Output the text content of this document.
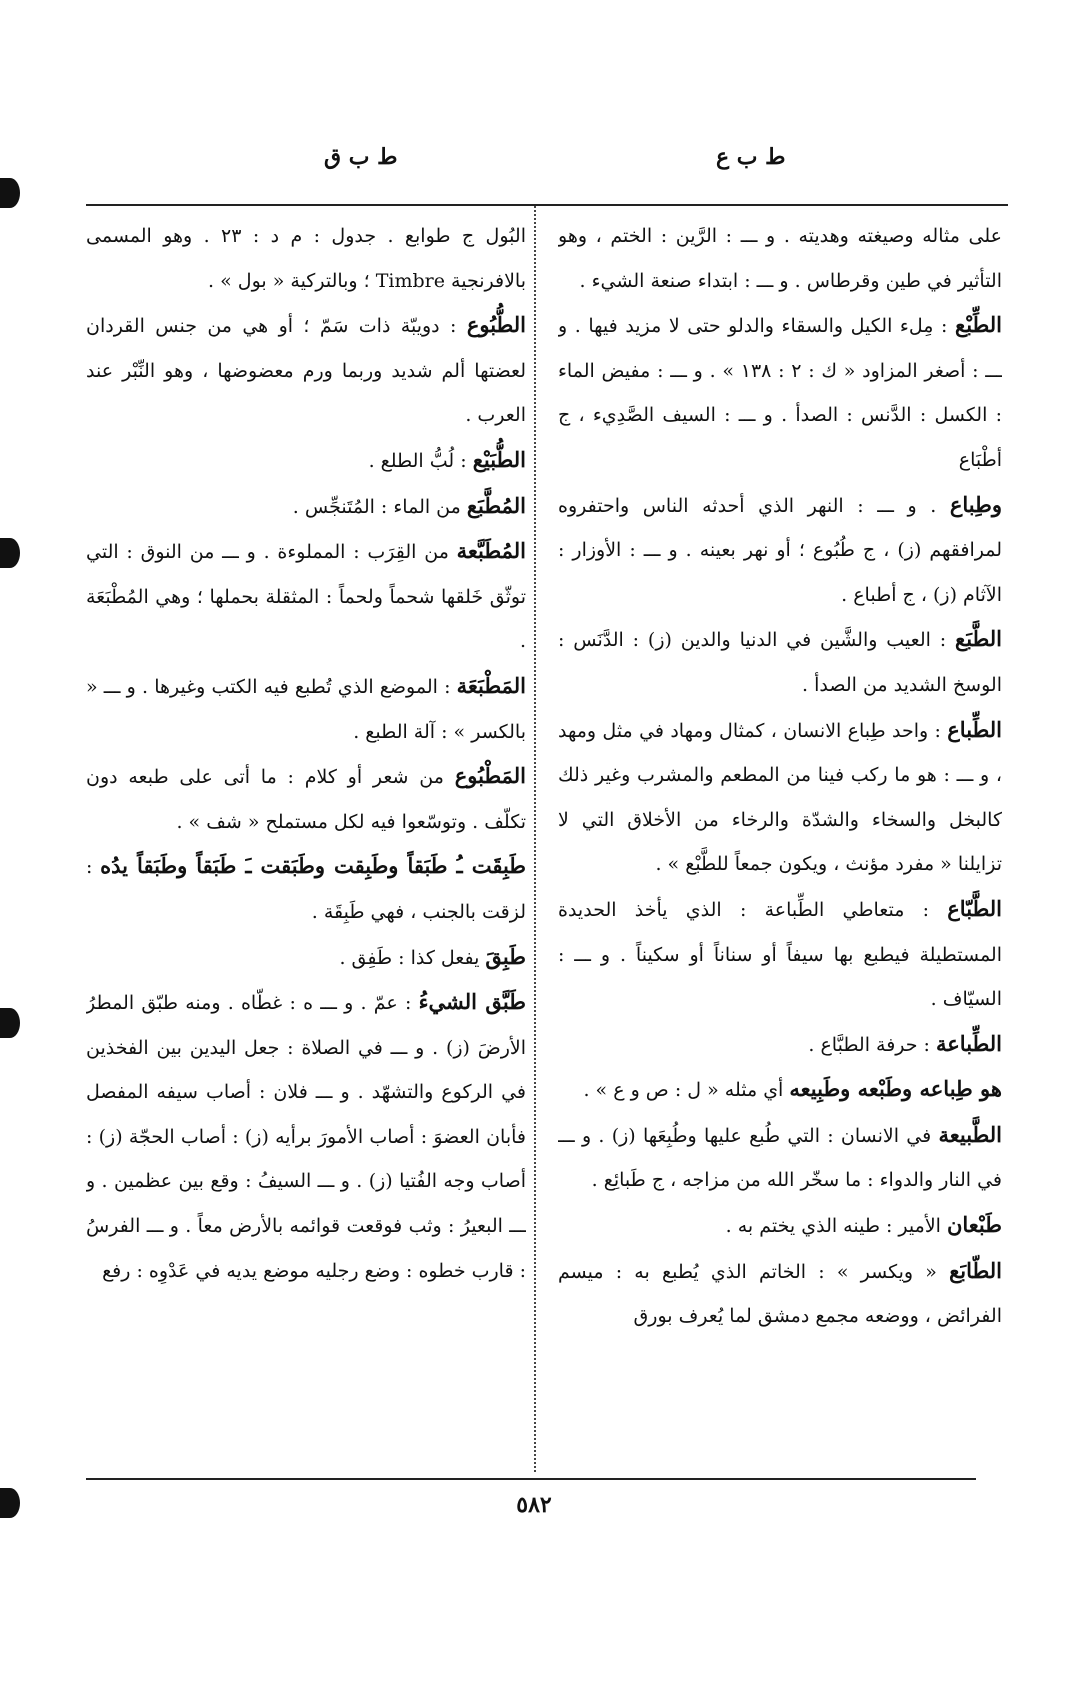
ط ب ق	ط ب ع

على مثاله وصيغته وهديته . و ـــ : الرَّين : الختم ، وهو التأثير في طين وقرطاس . و ـــ : ابتداء صنعة الشيء .

الطِّبْع : مِلء الكيل والسقاء والدلو حتى لا مزيد فيها . و ـــ : أصغر المزاود « ك : ٢ : ١٣٨ » . و ـــ : مفيض الماء : الكسل : الدَّنس : الصدأ . و ـــ : السيف الصَّدِيء ، ج أطْبَاع

وطِباع . و ـــ : النهر الذي أحدثه الناس واحتفروه لمرافقهم (ز) ، ج طُبُوع ؛ أو نهر بعينه . و ـــ : الأوزار : الآثام (ز) ، ج أطباع .

الطَّبَع : العيب والشَّين في الدنيا والدين (ز) : الدَّنَس : الوسخ الشديد من الصدأ .

الطِّباع : واحد طِباع الانسان ، كمثال ومهاد في مثل ومهد ، و ـــ : هو ما ركب فينا من المطعم والمشرب وغير ذلك كالبخل والسخاء والشدّة والرخاء من الأخلاق التي لا تزايلنا « مفرد مؤنث ، ويكون جمعاً للطَّبْع » .

الطَّبّاع : متعاطي الطِّباعة : الذي يأخذ الحديدة المستطيلة فيطبع بها سيفاً أو سناناً أو سكيناً . و ـــ : السيّاف .

الطِّباعة : حرفة الطبَّاع .

هو طِباعه وطَبْعه وطَبِيعه أي مثله « ل : ص و ع » .

الطَّبيعة في الانسان : التي طُبع عليها وطُبِعَها (ز) . و ـــ في النار والدواء : ما سخّر الله من مزاجه ، ج طَبائِع .

طَبْعان الأمير : طينه الذي يختم به .

الطّابَع « ويكسر » : الخاتم الذي يُطبع به : ميسم الفرائض ، ووضعه مجمع دمشق لما يُعرف بورق

البُول ج طوابع . جدول : م د : ٢٣ . وهو المسمى بالافرنجية Timbre ؛ وبالتركية « بول » .

الطُّبُوع : دويبّة ذات سَمّ ؛ أو هي من جنس القردان لعضتها ألم شديد وربما ورم معضوضها ، وهو النِّبْر عند العرب .

الطُّبَيْع : لُبُّ الطلع .

المُطَّبَع من الماء : المُتَنجِّس .

المُطَبَّعة من القِرَب : المملوءة . و ـــ من النوق : التي توثّق خَلقها شحماً ولحماً : المثقلة بحملها ؛ وهي المُطْبَعَة .

المَطْبَعَة : الموضع الذي تُطبع فيه الكتب وغيرها . و ـــ « بالكسر » : آلة الطبع .

المَطْبُوع من شعر أو كلام : ما أتى على طبعه دون تكلّف . وتوسّعوا فيه لكل مستملح « شف » .

طَبِقَت ـُ طَبَقاً وطَبِقت وطَبَقت ـَ طَبَقاً وطَبَقاً يدُه : لزقت بالجنب ، فهي طَبِقَة .

طَبِقَ يفعل كذا : طَفِق .

طَبَّق الشيءُ : عمّ . و ـــ ه : غطّاه . ومنه طبّق المطرُ الأرضَ (ز) . و ـــ في الصلاة : جعل اليدين بين الفخذين في الركوع والتشهّد . و ـــ فلان : أصاب سيفه المفصل فأبان العضوَ : أصاب الأمورَ برأيه (ز) : أصاب الحجّة (ز) : أصاب وجه الفُتيا (ز) . و ـــ السيفُ : وقع بين عظمين . و ـــ البعيرُ : وثب فوقعت قوائمه بالأرض معاً . و ـــ الفرسُ : قارب خطوه : وضع رجليه موضع يديه في عَدْوِه : رفع

٥٨٢
